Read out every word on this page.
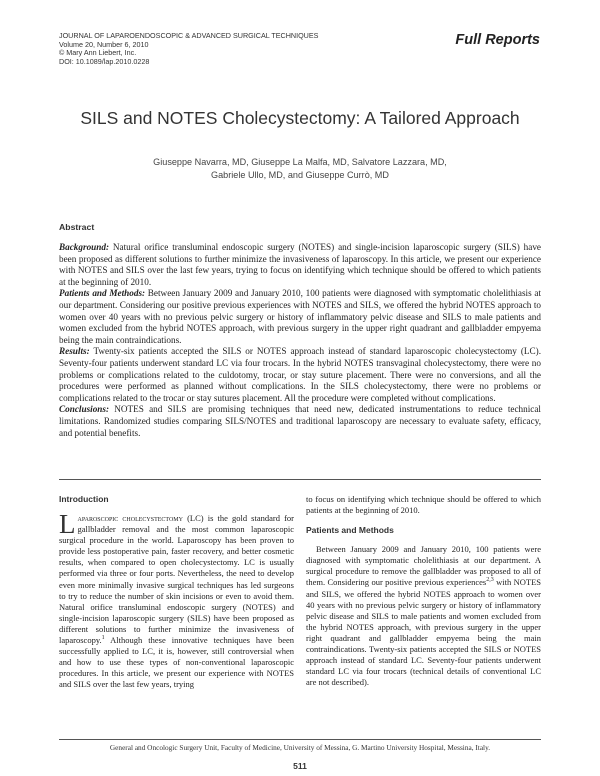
JOURNAL OF LAPAROENDOSCOPIC & ADVANCED SURGICAL TECHNIQUES
Volume 20, Number 6, 2010
© Mary Ann Liebert, Inc.
DOI: 10.1089/lap.2010.0228
Full Reports
SILS and NOTES Cholecystectomy: A Tailored Approach
Giuseppe Navarra, MD, Giuseppe La Malfa, MD, Salvatore Lazzara, MD,
Gabriele Ullo, MD, and Giuseppe Currò, MD
Abstract

Background: Natural orifice transluminal endoscopic surgery (NOTES) and single-incision laparoscopic surgery (SILS) have been proposed as different solutions to further minimize the invasiveness of laparoscopy. In this article, we present our experience with NOTES and SILS over the last few years, trying to focus on identifying which technique should be offered to which patients at the beginning of 2010.

Patients and Methods: Between January 2009 and January 2010, 100 patients were diagnosed with symptomatic cholelithiasis at our department. Considering our positive previous experiences with NOTES and SILS, we offered the hybrid NOTES approach to women over 40 years with no previous pelvic surgery or history of inflammatory pelvic disease and SILS to male patients and women excluded from the hybrid NOTES approach, with previous surgery in the upper right quadrant and gallbladder empyema being the main contraindications.

Results: Twenty-six patients accepted the SILS or NOTES approach instead of standard laparoscopic cholecystectomy (LC). Seventy-four patients underwent standard LC via four trocars. In the hybrid NOTES transvaginal cholecystectomy, there were no problems or complications related to the culdotomy, trocar, or stay suture placement. There were no conversions, and all the procedures were performed as planned without complications. In the SILS cholecystectomy, there were no problems or complications related to the trocar or stay sutures placement. All the procedure were completed without complications.

Conclusions: NOTES and SILS are promising techniques that need new, dedicated instrumentations to reduce technical limitations. Randomized studies comparing SILS/NOTES and traditional laparoscopy are necessary to evaluate safety, efficacy, and potential benefits.

Introduction

Laparoscopic cholecystectomy (LC) is the gold standard for gallbladder removal and the most common laparoscopic surgical procedure in the world. Laparoscopy has been proven to provide less postoperative pain, faster recovery, and better cosmetic results, when compared to open cholecystectomy. LC is usually performed via three or four ports. Nevertheless, the need to develop even more minimally invasive surgical techniques has led surgeons to try to reduce the number of skin incisions or even to avoid them. Natural orifice transluminal endoscopic surgery (NOTES) and single-incision laparoscopic surgery (SILS) have been proposed as different solutions to further minimize the invasiveness of laparoscopy.$^1$ Although these innovative techniques have been successfully applied to LC, it is, however, still controversial when and how to use these types of non-conventional laparoscopic procedures. In this article, we present our experience with NOTES and SILS over the last few years, trying

to focus on identifying which technique should be offered to which patients at the beginning of 2010.

Patients and Methods

Between January 2009 and January 2010, 100 patients were diagnosed with symptomatic cholelithiasis at our department. A surgical procedure to remove the gallbladder was proposed to all of them. Considering our positive previous experiences$^{2,3}$ with NOTES and SILS, we offered the hybrid NOTES approach to women over 40 years with no previous pelvic surgery or history of inflammatory pelvic disease and SILS to male patients and women excluded from the hybrid NOTES approach, with previous surgery in the upper right quadrant and gallbladder empyema being the main contraindications. Twenty-six patients accepted the SILS or NOTES approach instead of standard LC. Seventy-four patients underwent standard LC via four trocars (technical details of conventional LC are not described).

General and Oncologic Surgery Unit, Faculty of Medicine, University of Messina, G. Martino University Hospital, Messina, Italy.
511
